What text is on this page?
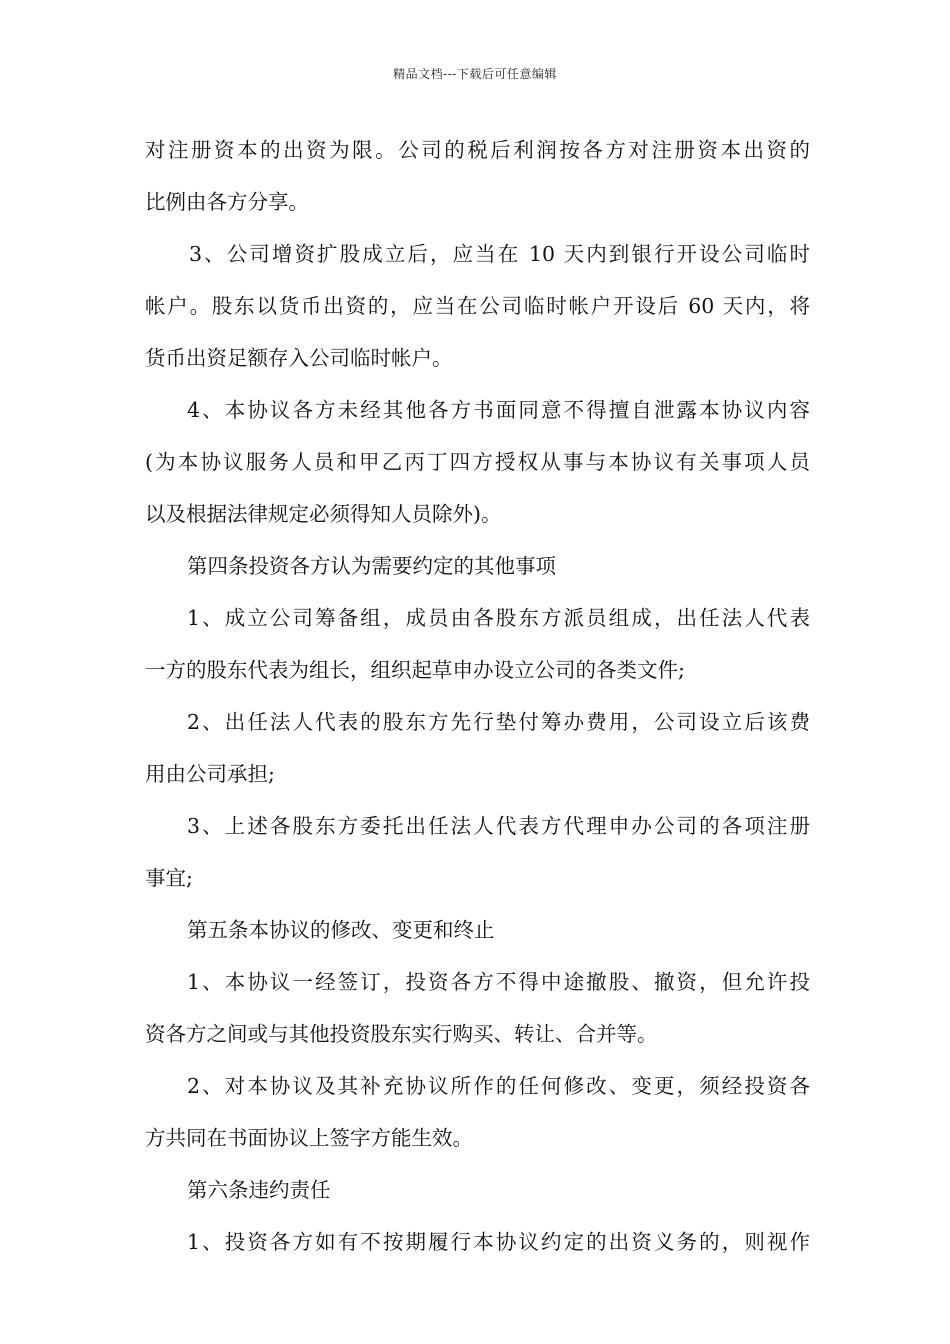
精品文档---下载后可任意编辑
对注册资本的出资为限。公司的税后利润按各方对注册资本出资的
比例由各方分享。
3、公司增资扩股成立后，应当在 10 天内到银行开设公司临时
帐户。股东以货币出资的，应当在公司临时帐户开设后 60 天内，将
货币出资足额存入公司临时帐户。
4、本协议各方未经其他各方书面同意不得擅自泄露本协议内容
(为本协议服务人员和甲乙丙丁四方授权从事与本协议有关事项人员
以及根据法律规定必须得知人员除外)。
第四条投资各方认为需要约定的其他事项
1、成立公司筹备组，成员由各股东方派员组成，出任法人代表
一方的股东代表为组长，组织起草申办设立公司的各类文件;
2、出任法人代表的股东方先行垫付筹办费用，公司设立后该费
用由公司承担;
3、上述各股东方委托出任法人代表方代理申办公司的各项注册
事宜;
第五条本协议的修改、变更和终止
1、本协议一经签订，投资各方不得中途撤股、撤资，但允许投
资各方之间或与其他投资股东实行购买、转让、合并等。
2、对本协议及其补充协议所作的任何修改、变更，须经投资各
方共同在书面协议上签字方能生效。
第六条违约责任
1、投资各方如有不按期履行本协议约定的出资义务的，则视作
